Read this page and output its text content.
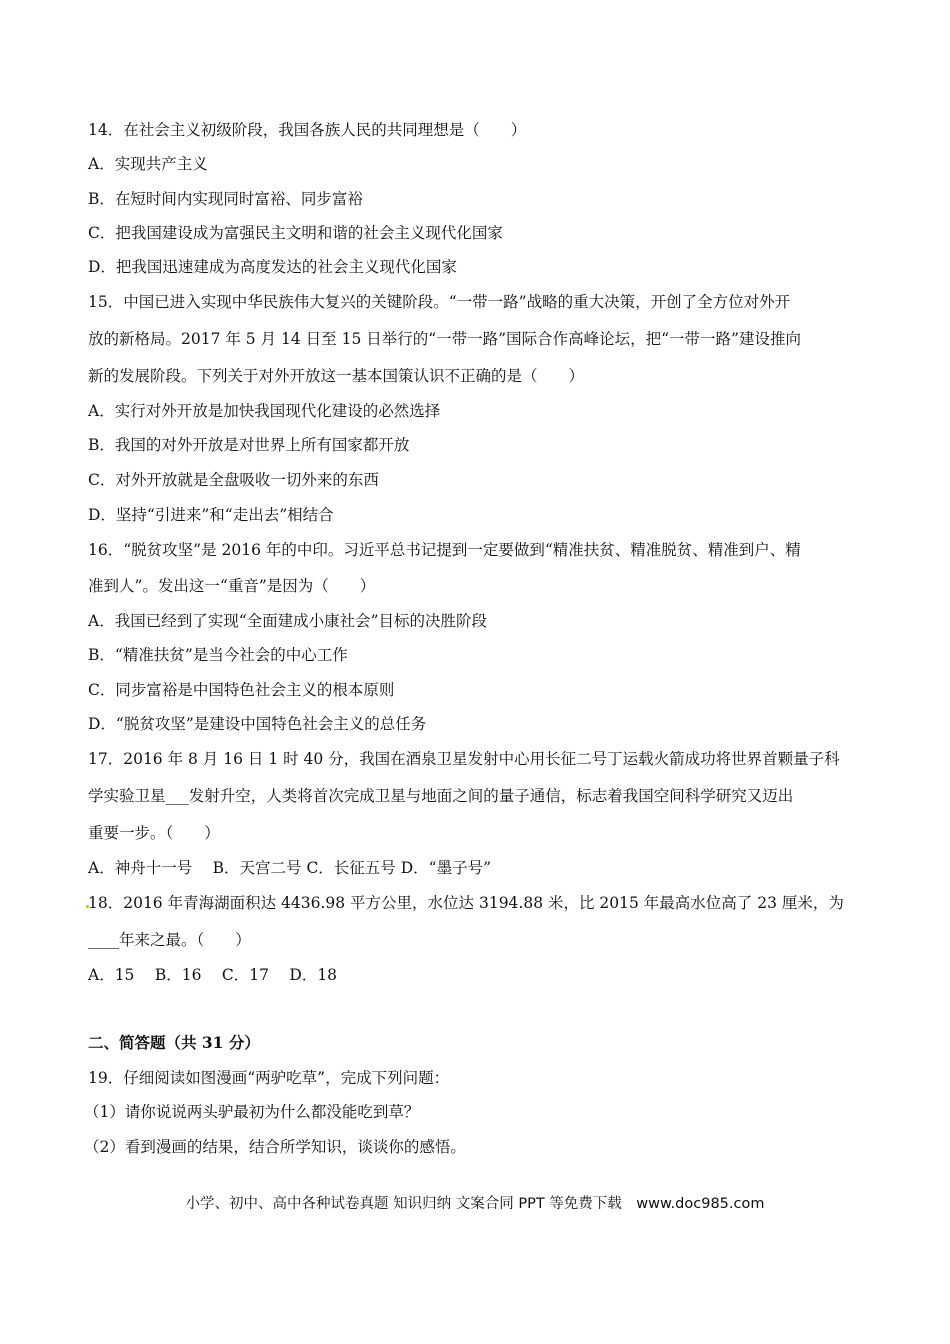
14．在社会主义初级阶段，我国各族人民的共同理想是（　　）
A．实现共产主义
B．在短时间内实现同时富裕、同步富裕
C．把我国建设成为富强民主文明和谐的社会主义现代化国家
D．把我国迅速建成为高度发达的社会主义现代化国家
15．中国已进入实现中华民族伟大复兴的关键阶段。“一带一路”战略的重大决策，开创了全方位对外开
放的新格局。2017 年 5 月 14 日至 15 日举行的“一带一路”国际合作高峰论坛，把“一带一路”建设推向
新的发展阶段。下列关于对外开放这一基本国策认识不正确的是（　　）
A．实行对外开放是加快我国现代化建设的必然选择
B．我国的对外开放是对世界上所有国家都开放
C．对外开放就是全盘吸收一切外来的东西
D．坚持“引进来”和“走出去”相结合
16．“脱贫攻坚”是 2016 年的中印。习近平总书记提到一定要做到“精准扶贫、精准脱贫、精准到户、精
准到人”。发出这一“重音”是因为（　　）
A．我国已经到了实现“全面建成小康社会”目标的决胜阶段
B．“精准扶贫”是当今社会的中心工作
C．同步富裕是中国特色社会主义的根本原则
D．“脱贫攻坚”是建设中国特色社会主义的总任务
17．2016 年 8 月 16 日 1 时 40 分，我国在酒泉卫星发射中心用长征二号丁运载火箭成功将世界首颗量子科
学实验卫星___发射升空，人类将首次完成卫星与地面之间的量子通信，标志着我国空间科学研究又迈出
重要一步。（　　）
A．神舟十一号　 B．天宫二号 C．长征五号 D．“墨子号”
18．2016 年青海湖面积达 4436.98 平方公里，水位达 3194.88 米，比 2015 年最高水位高了 23 厘米，为
____年来之最。（　　）
A．15　 B．16　 C．17　 D．18
二、简答题（共 31 分）
19．仔细阅读如图漫画“两驴吃草”，完成下列问题：
（1）请你说说两头驴最初为什么都没能吃到草？
（2）看到漫画的结果，结合所学知识，谈谈你的感悟。
小学、初中、高中各种试卷真题 知识归纳 文案合同 PPT 等免费下载　www.doc985.com
